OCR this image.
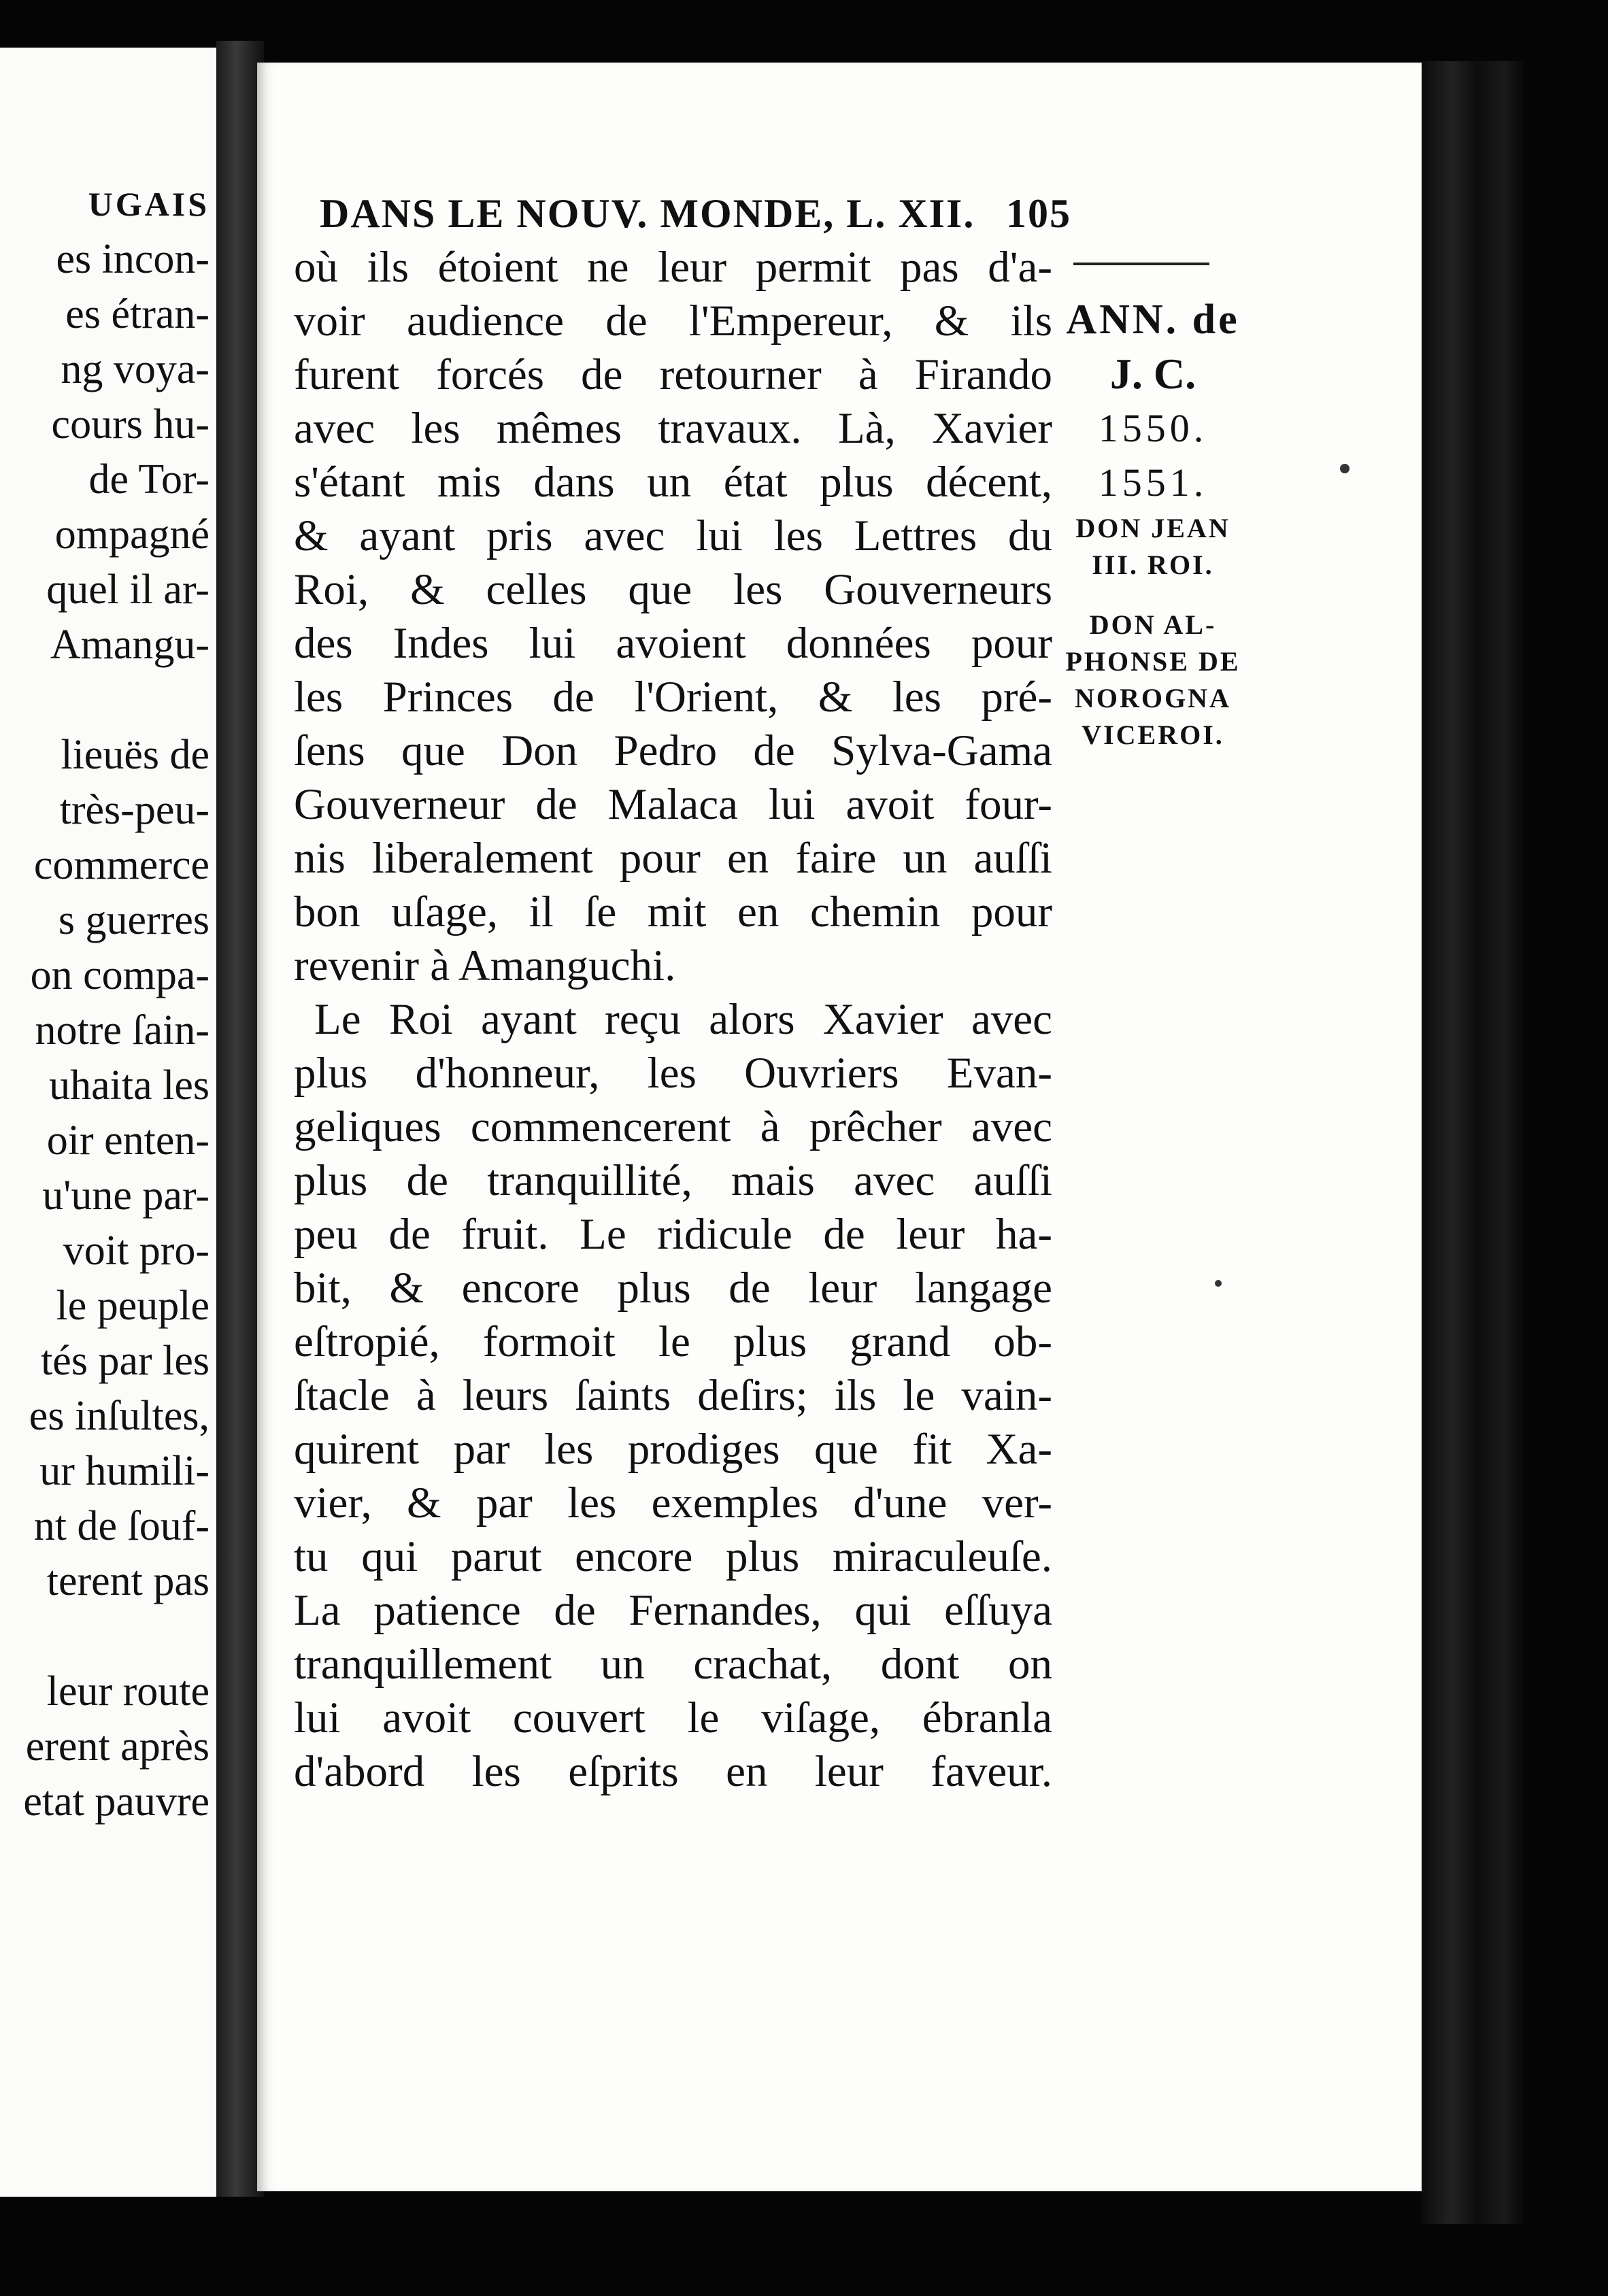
UGAIS
es incon-
es étran-
ng voya-
cours hu-
de Tor-
ompagné
quel il ar-
Amangu-
lieuës de
très-peu-
commerce
s guerres
on compa-
notre ſain-
uhaita les
oir enten-
u'une par-
voit pro-
le peuple
tés par les
es inſultes,
ur humili-
nt de ſouf-
terent pas
leur route
erent après
etat pauvre
DANS LE NOUV. MONDE, L. XII. 105
où ils étoient ne leur permit pas d'a-
voir audience de l'Empereur, & ils
furent forcés de retourner à Firando
avec les mêmes travaux. Là, Xavier
s'étant mis dans un état plus décent,
& ayant pris avec lui les Lettres du
Roi, & celles que les Gouverneurs
des Indes lui avoient données pour
les Princes de l'Orient, & les pré-
ſens que Don Pedro de Sylva-Gama
Gouverneur de Malaca lui avoit four-
nis liberalement pour en faire un auſſi
bon uſage, il ſe mit en chemin pour
revenir à Amanguchi.
Le Roi ayant reçu alors Xavier avec
plus d'honneur, les Ouvriers Evan-
geliques commencerent à prêcher avec
plus de tranquillité, mais avec auſſi
peu de fruit. Le ridicule de leur ha-
bit, & encore plus de leur langage
eſtropié, formoit le plus grand ob-
ſtacle à leurs ſaints deſirs; ils le vain-
quirent par les prodiges que fit Xa-
vier, & par les exemples d'une ver-
tu qui parut encore plus miraculeuſe.
La patience de Fernandes, qui eſſuya
tranquillement un crachat, dont on
lui avoit couvert le viſage, ébranla
d'abord les eſprits en leur faveur.
ANN. de
J. C.
1550.
1551.
DON JEAN
III. ROI.
DON AL-
PHONSE DE
NOROGNA
VICEROI.
